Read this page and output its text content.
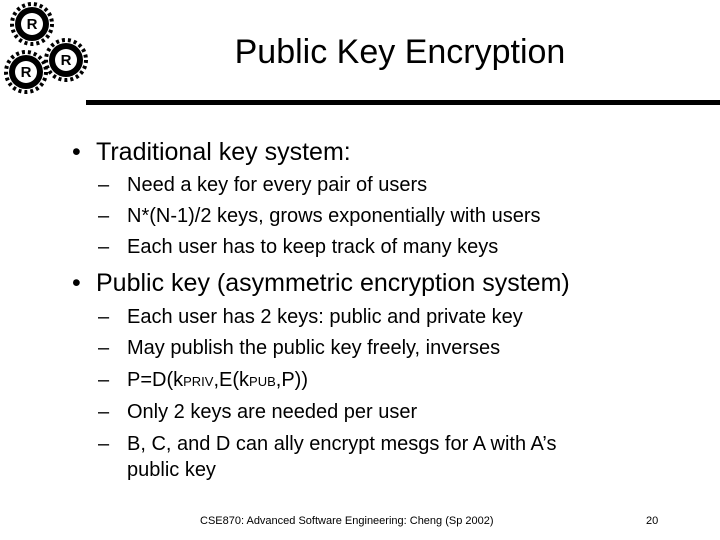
R
R
R	Public Key Encryption
• Traditional key system:
– Need a key for every pair of users
– N*(N-1)/2 keys, grows exponentially with users
– Each user has to keep track of many keys
• Public key (asymmetric encryption system)
– Each user has 2 keys: public and private key
– May publish the public key freely, inverses
– P=D(kPRIV,E(kPUB,P))
– Only 2 keys are needed per user
– B, C, and D can ally encrypt mesgs for A with A’s
public key
CSE870: Advanced Software Engineering: Cheng (Sp 2002)	20
